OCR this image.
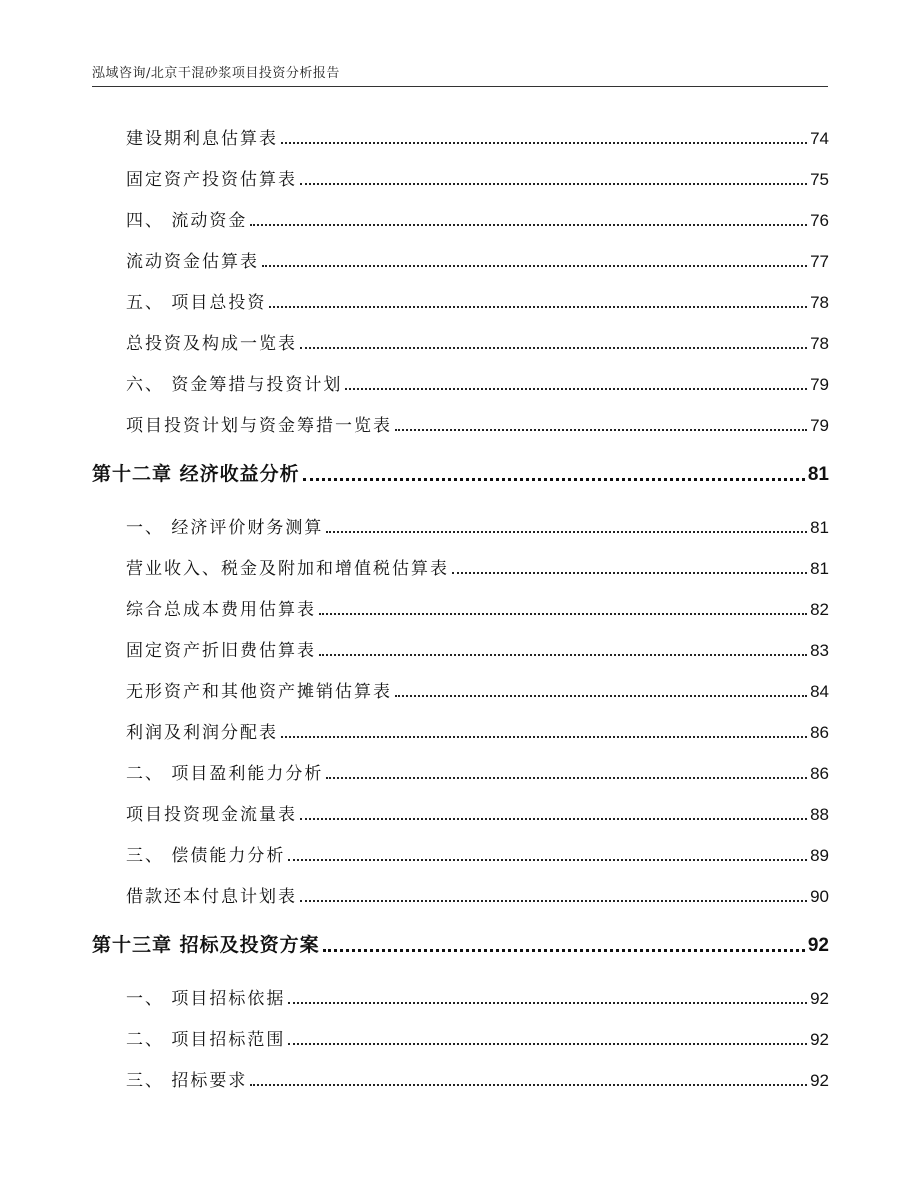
泓域咨询/北京干混砂浆项目投资分析报告
建设期利息估算表	74
固定资产投资估算表	75
四、 流动资金	76
流动资金估算表	77
五、 项目总投资	78
总投资及构成一览表	78
六、 资金筹措与投资计划	79
项目投资计划与资金筹措一览表	79
第十二章 经济收益分析	81
一、 经济评价财务测算	81
营业收入、税金及附加和增值税估算表	81
综合总成本费用估算表	82
固定资产折旧费估算表	83
无形资产和其他资产摊销估算表	84
利润及利润分配表	86
二、 项目盈利能力分析	86
项目投资现金流量表	88
三、 偿债能力分析	89
借款还本付息计划表	90
第十三章 招标及投资方案	92
一、 项目招标依据	92
二、 项目招标范围	92
三、 招标要求	92
